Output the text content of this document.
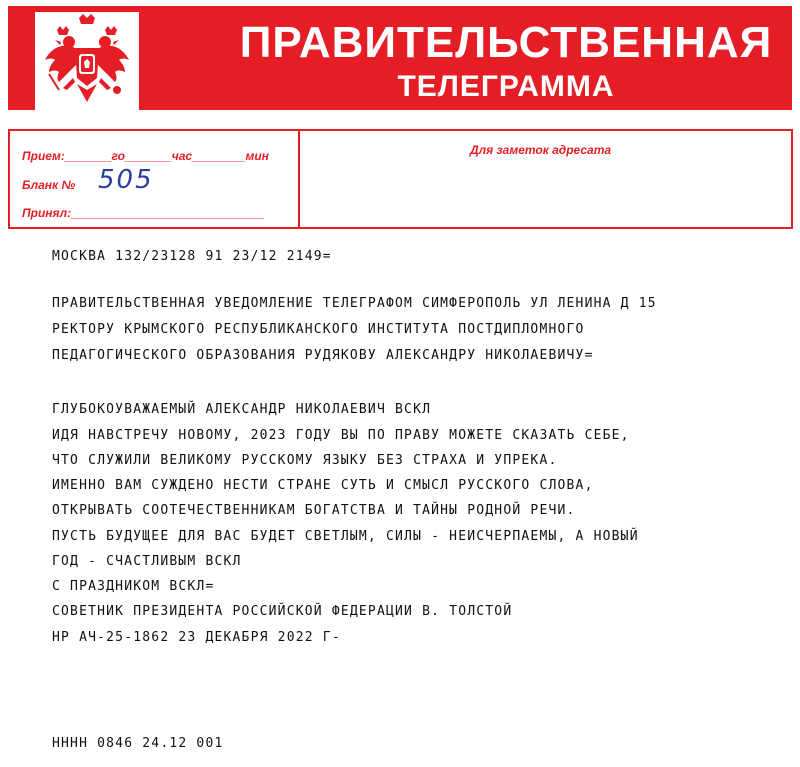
ПРАВИТЕЛЬСТВЕННАЯ
ТЕЛЕГРАММА
Прием:_______го_______час________мин
Бланк № 505
Принял:_____________________________
Для заметок адресата
МОСКВА 132/23128 91 23/12 2149=
ПРАВИТЕЛЬСТВЕННАЯ УВЕДОМЛЕНИЕ ТЕЛЕГРАФОМ СИМФЕРОПОЛЬ УЛ ЛЕНИНА Д 15
РЕКТОРУ КРЫМСКОГО РЕСПУБЛИКАНСКОГО ИНСТИТУТА ПОСТДИПЛОМНОГО
ПЕДАГОГИЧЕСКОГО ОБРАЗОВАНИЯ РУДЯКОВУ АЛЕКСАНДРУ НИКОЛАЕВИЧУ=
ГЛУБОКОУВАЖАЕМЫЙ АЛЕКСАНДР НИКОЛАЕВИЧ ВСКЛ
ИДЯ НАВСТРЕЧУ НОВОМУ, 2023 ГОДУ ВЫ ПО ПРАВУ МОЖЕТЕ СКАЗАТЬ СЕБЕ,
ЧТО СЛУЖИЛИ ВЕЛИКОМУ РУССКОМУ ЯЗЫКУ БЕЗ СТРАХА И УПРЕКА.
ИМЕННО ВАМ СУЖДЕНО НЕСТИ СТРАНЕ СУТЬ И СМЫСЛ РУССКОГО СЛОВА,
ОТКРЫВАТЬ СООТЕЧЕСТВЕННИКАМ БОГАТСТВА И ТАЙНЫ РОДНОЙ РЕЧИ.
ПУСТЬ БУДУЩЕЕ ДЛЯ ВАС БУДЕТ СВЕТЛЫМ, СИЛЫ - НЕИСЧЕРПАЕМЫ, А НОВЫЙ
ГОД - СЧАСТЛИВЫМ ВСКЛ
С ПРАЗДНИКОМ ВСКЛ=
СОВЕТНИК ПРЕЗИДЕНТА РОССИЙСКОЙ ФЕДЕРАЦИИ В. ТОЛСТОЙ
НР АЧ-25-1862 23 ДЕКАБРЯ 2022 Г-
НННН 0846 24.12 001
